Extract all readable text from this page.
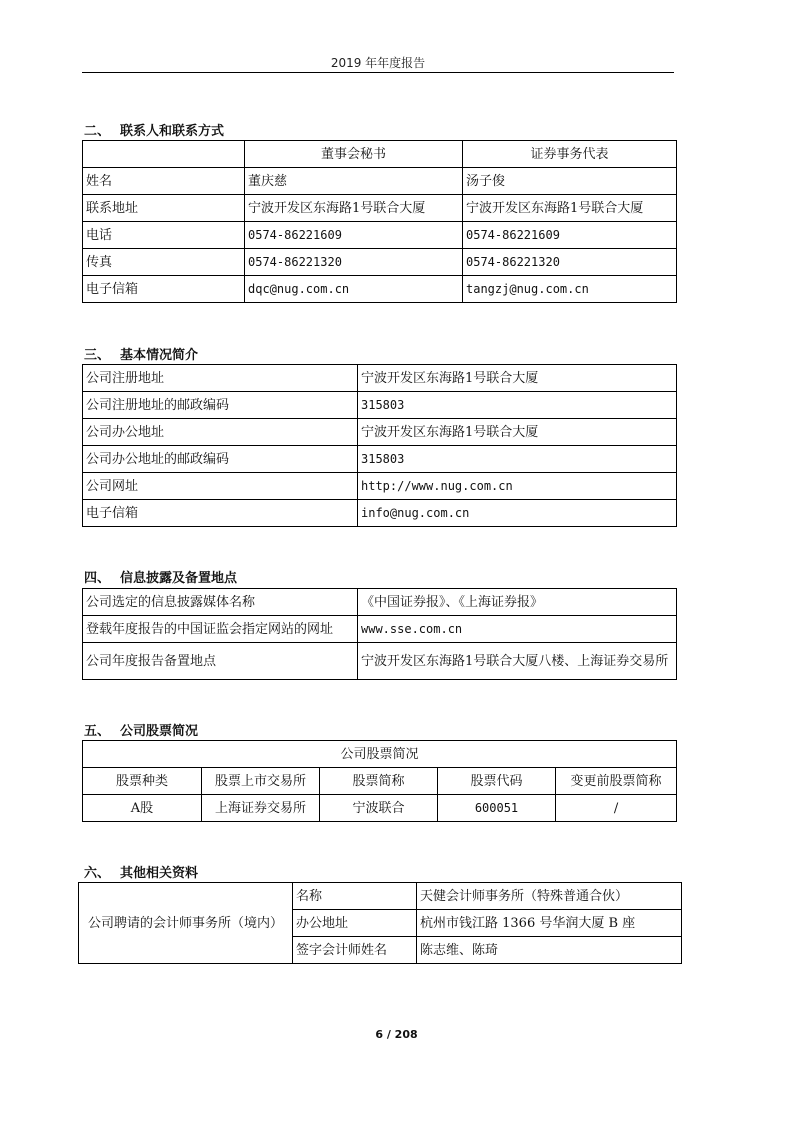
2019 年年度报告
二、 联系人和联系方式
	董事会秘书	证券事务代表
姓名	董庆慈	汤子俊
联系地址	宁波开发区东海路1号联合大厦	宁波开发区东海路1号联合大厦
电话	0574-86221609	0574-86221609
传真	0574-86221320	0574-86221320
电子信箱	dqc@nug.com.cn	tangzj@nug.com.cn
三、 基本情况简介
公司注册地址	宁波开发区东海路1号联合大厦
公司注册地址的邮政编码	315803
公司办公地址	宁波开发区东海路1号联合大厦
公司办公地址的邮政编码	315803
公司网址	http://www.nug.com.cn
电子信箱	info@nug.com.cn
四、 信息披露及备置地点
公司选定的信息披露媒体名称	《中国证券报》、《上海证券报》
登载年度报告的中国证监会指定网站的网址	www.sse.com.cn
公司年度报告备置地点	宁波开发区东海路1号联合大厦八楼、上海证券交易所
五、 公司股票简况
公司股票简况				
股票种类	股票上市交易所	股票简称	股票代码	变更前股票简称
A股	上海证券交易所	宁波联合	600051	/
六、 其他相关资料
公司聘请的会计师事务所（境内）	名称	天健会计师事务所（特殊普通合伙）
	办公地址	杭州市钱江路 1366 号华润大厦 B 座
	签字会计师姓名	陈志维、陈琦
6 / 208
